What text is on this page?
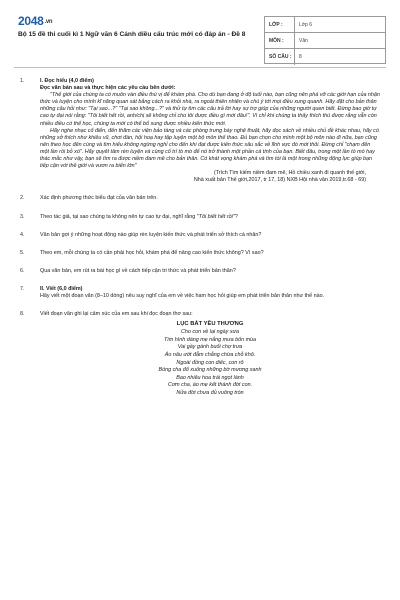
2048.vn
Bộ 15 đề thi cuối kì 1 Ngữ văn 6 Cánh diều cấu trúc mới có đáp án - Đề 8
LỚP :	Lớp 6
MÔN :	Văn
SỐ CÂU : 8
1.	I. Đọc hiểu (4,0 điểm)
Đọc văn bản sau và thực hiện các yêu cầu bên dưới:
"Thế giới của chúng ta có muôn vàn điều thú vị để khám phá. Cho dù bạn đang ở độ tuổi nào, bạn cũng nên phá vỡ các giới hạn của nhận thức và luyện cho mình kĩ năng quan sát bằng cách ra khỏi nhà, ra ngoài thiên nhiên và chú ý tới mọi điều xung quanh. Hãy đặt cho bản thân những câu hỏi như: "Tại sao...?" "Tại sao không...?" và thử tự tìm các câu trả lời hay sự trợ giúp của những người quen biết. Đừng bao giờ tự cao tự đại nói rằng: "Tôi biết hết rồi, anh/chị sẽ không chỉ cho tôi được điều gì mới đâu!". Vì chỉ khi chúng ta thấy thích thú được rằng vẫn còn nhiều điều có thể học, chúng ta mới có thể bổ sung được nhiều kiến thức mới.
Hãy nghe nhạc cổ điển, đến thăm các viện bảo tàng và các phòng trưng bày nghệ thuật, hãy đọc sách về nhiều chủ đề khác nhau, hãy có những sở thích như khiêu vũ, chơi đàn, hội hoạ hay tập luyện một bộ môn thể thao. Đủ bạn chọn cho mình một bộ môn nào đi nữa, bạn cũng nên theo học đến cùng và tìm hiểu không ngừng nghỉ cho đến khi đạt được kiến thức sâu sắc về lĩnh vực đó mới thôi. Đừng chỉ "chạm đến một lần rồi bỏ xó". Hãy quyết tâm rèn luyện và cùng cố trí tò mò để nó trở thành một phần cá tính của bạn. Biết đâu, trong một lần tò mò hay thác mắc như vậy, bạn sẽ tìm ra được niềm đam mê cho bản thân. Có khát vọng khám phá và tìm tòi là một trong những động lực giúp bạn tiếp cận với thế giới và vươn ra biển lớn"
(Trích Tìm kiếm niềm đam mê, Hồ chiều xanh đi quanh thế giới,
Nhà xuất bản Thế giới,2017, tr 17, 18) NXB Hội nhà văn 2019,tr.68 - 69)
2.	Xác định phương thức biểu đạt của văn bản trên.
3.	Theo tác giả, tại sao chúng ta không nên tự cao tự đại, nghĩ rằng "Tôi biết hết rồi"?
4.	Văn bản gợi ý những hoạt động nào giúp rèn luyện kiến thức và phát triển sở thích cá nhân?
5.	Theo em, mỗi chúng ta có cần phải học hỏi, khám phá để nâng cao kiến thức không? Vì sao?
6.	Qua văn bản, em rút ra bài học gì về cách tiếp cận tri thức và phát triển bản thân?
7.	II. Viết (6,0 điểm)
Hãy viết một đoạn văn (8–10 dòng) nêu suy nghĩ của em về việc ham học hỏi giúp em phát triển bản thân như thế nào.
8.	Viết đoạn văn ghi lại cảm xúc của em sau khi đọc đoạn thơ sau:
LỤC BÁT YÊU THƯƠNG
Cho con về lại ngày xưa
Tìm hình dáng mẹ nắng mưa bốn mùa
Vai gầy gánh buổi chợ trưa
Áo nâu ướt đẫm chẳng chừa chỗ khô.
Ngoài đồng con diếc, con rô
Bóng cha đổ xuống những bờ mương xanh
Bao nhiêu hoa trái ngọt lành
Cơm cha, áo mẹ kết thành đời con.
Nửa đời chưa đủ vuông tròn
